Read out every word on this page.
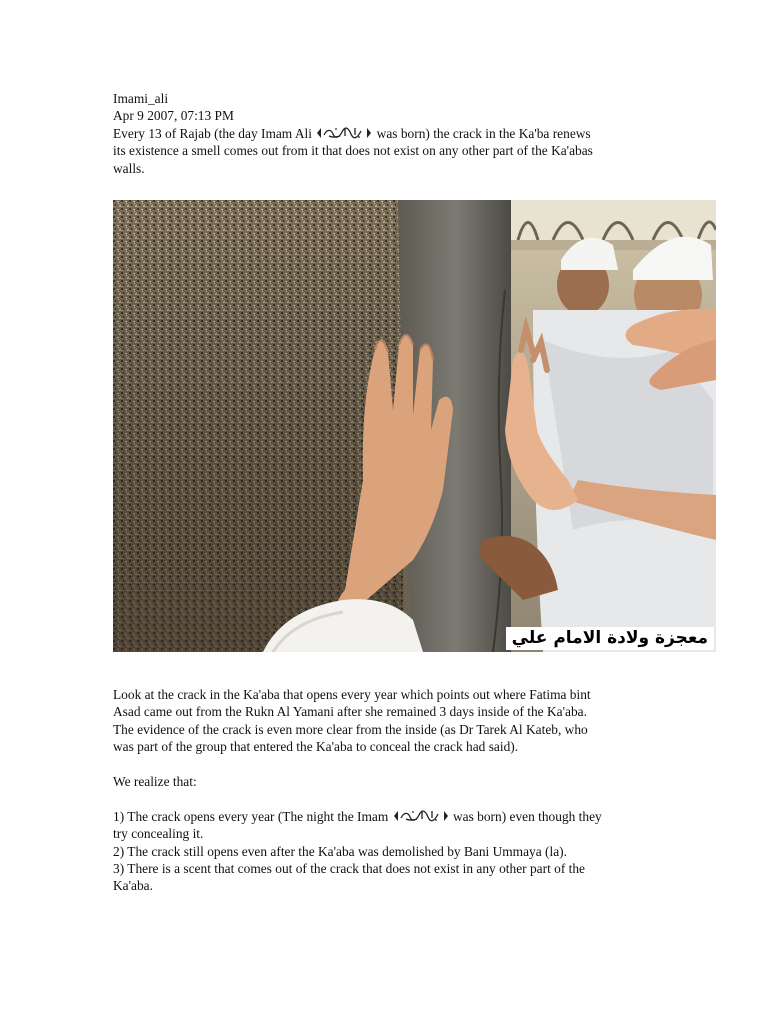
Imami_ali
Apr 9 2007, 07:13 PM
Every 13 of Rajab (the day Imam Ali	was born) the crack in the Ka'ba renews
its existence a smell comes out from it that does not exist on any other part of the Ka'abas
walls.
معجزة ولادة الامام علي
Look at the crack in the Ka'aba that opens every year which points out where Fatima bint
Asad came out from the Rukn Al Yamani after she remained 3 days inside of the Ka'aba.
The evidence of the crack is even more clear from the inside (as Dr Tarek Al Kateb, who
was part of the group that entered the Ka'aba to conceal the crack had said).
We realize that:
1) The crack opens every year (The night the Imam	was born) even though they
try concealing it.
2) The crack still opens even after the Ka'aba was demolished by Bani Ummaya (la).
3) There is a scent that comes out of the crack that does not exist in any other part of the
Ka'aba.
